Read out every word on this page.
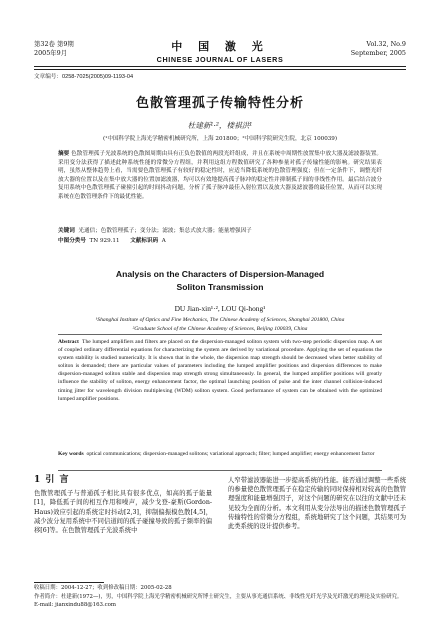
第32卷 第9期
2005年9月	中 国 激 光
CHINESE JOURNAL OF LASERS
Vol.32, No.9
September, 2005
文章编号：0258-7025(2005)09-1193-04
色散管理孤子传输特性分析
杜建新¹·²，楼祺洪¹
(¹中国科学院上海光学精密机械研究所，上海 201800；²中国科学院研究生院，北京 100039)
摘要 色散管理孤子光波系统的色散图周期由具有正负色散值的两段光纤组成，并且在系统中周期性放置集中放大器及滤波器装置。采用变分法获得了描述此种系统性能的常微分方程组，并利用这组方程数值研究了各种参量对孤子传输性能的影响。研究结果表明，虽然从整体趋势上看，当需要色散管理孤子有较好的稳定性时，应适当降低系统的色散管理强度；但在一定条件下，调整光纤放大器的位置以及在集中放大器的位置加滤波器，均可以有效地提高孤子脉冲的稳定性并抑制孤子间的非线性作用。最后结合波分复用系统中色散管理孤子碰撞引起的时间抖动问题，分析了孤子脉冲最佳入射位置以及放大器及滤波器的最佳位置，从而可以实现系统在色散管理条件下的最优性能。
关键词 光通信；色散管理孤子；变分法；滤波；集总式放大器；能量增强因子
中图分类号 TN 929.11 文献标识码 A
Analysis on the Characters of Dispersion-Managed
Soliton Transmission
DU Jian-xin¹·², LOU Qi-hong¹
¹Shanghai Institute of Optics and Fine Mechanics, The Chinese Academy of Sciences, Shanghai 201800, China
²Graduate School of the Chinese Academy of Sciences, Beijing 100039, China
Abstract The lumped amplifiers and filters are placed on the dispersion-managed soliton system with two-step periodic dispersion map. A set of coupled ordinary differential equations for characterizing the system are derived by variational procedure. Applying the set of equations the system stability is studied numerically. It is shown that in the whole, the dispersion map strength should be decreased when better stability of soliton is demanded; there are particular values of parameters including the lumped amplifier positions and dispersion differences to make dispersion-managed soliton stable and dispersion map strength strong simultaneously. In general, the lumped amplifier positions will greatly influence the stability of soliton, energy enhancement factor, the optimal launching position of pulse and the inter channel collision-induced timing jitter for wavelength division multiplexing (WDM) soliton system. Good performance of system can be obtained with the optimized lumped amplifier positions.
Key words optical communications; dispersion-managed solitons; variational approach; filter; lumped amplifier; energy enhancement factor
1 引 言
色散管理孤子与普通孤子相比具有很多优点，如高的孤子能量[1]，降低孤子间的相互作用和噪声，减少戈登-豪斯(Gordon-Haus)效应引起的系统定时抖动[2,3]，抑制偏振模色散[4,5]，减少波分复用系统中不同信道间的孤子碰撞导致的孤子频率的偏移[6]等。在色散管理孤子光波系统中
人窄带滤波器能进一步提高系统的性能。能否通过调整一些系统的参量使色散管理孤子在稳定传输的同时保持相对较高的色散管理强度和能量增强因子，对这个问题的研究在以往的文献中还未见较为全面的分析。本文利用从变分法导出的描述色散管理孤子传输特性的常微分方程组，系统地研究了这个问题，其结果可为此类系统的设计提供参考。
收稿日期：2004-12-27；收到修改稿日期：2005-02-28
作者简介：杜建新(1972—)，男，中国科学院上海光学精密机械研究所博士研究生，主要从事光通信系统、非线性光纤光学及光纤激光的理论及实验研究。E-mail: jianxindu88@163.com
